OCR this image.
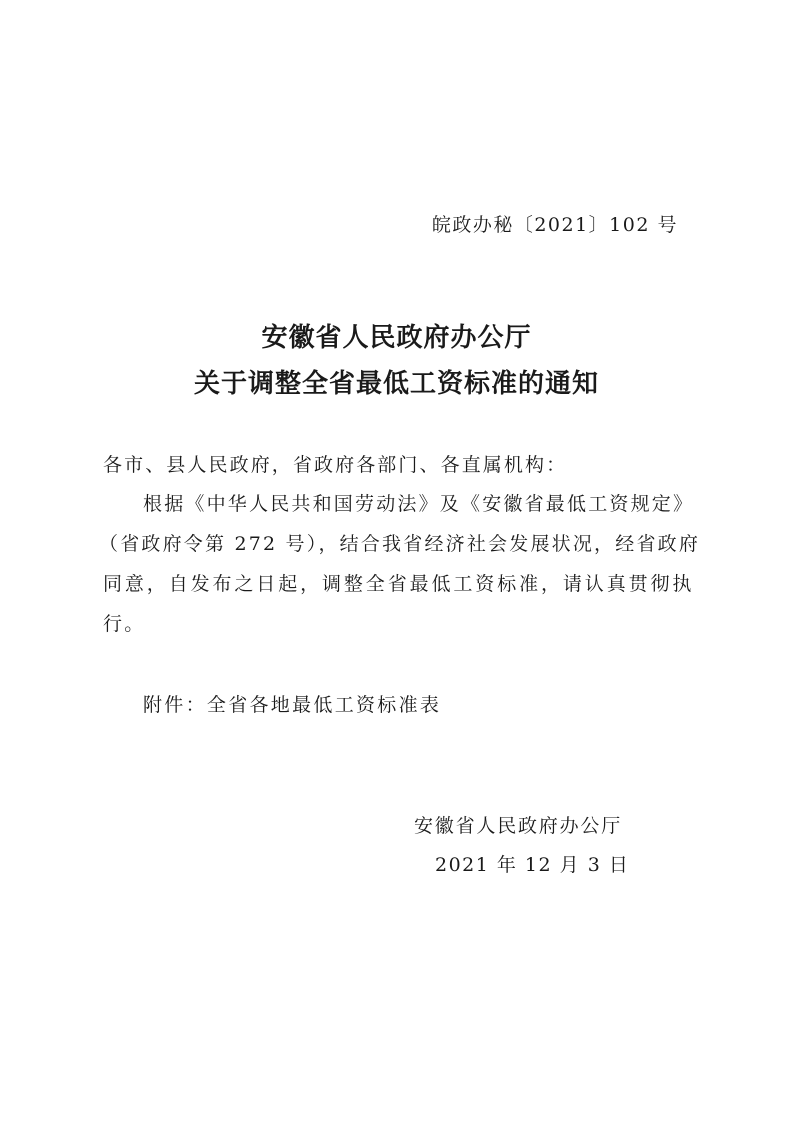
皖政办秘〔2021〕102 号
安徽省人民政府办公厅
关于调整全省最低工资标准的通知
各市、县人民政府，省政府各部门、各直属机构：
根据《中华人民共和国劳动法》及《安徽省最低工资规定》
（省政府令第 272 号），结合我省经济社会发展状况，经省政府
同意，自发布之日起，调整全省最低工资标准，请认真贯彻执
行。
附件：全省各地最低工资标准表
安徽省人民政府办公厅
2021 年 12 月 3 日
